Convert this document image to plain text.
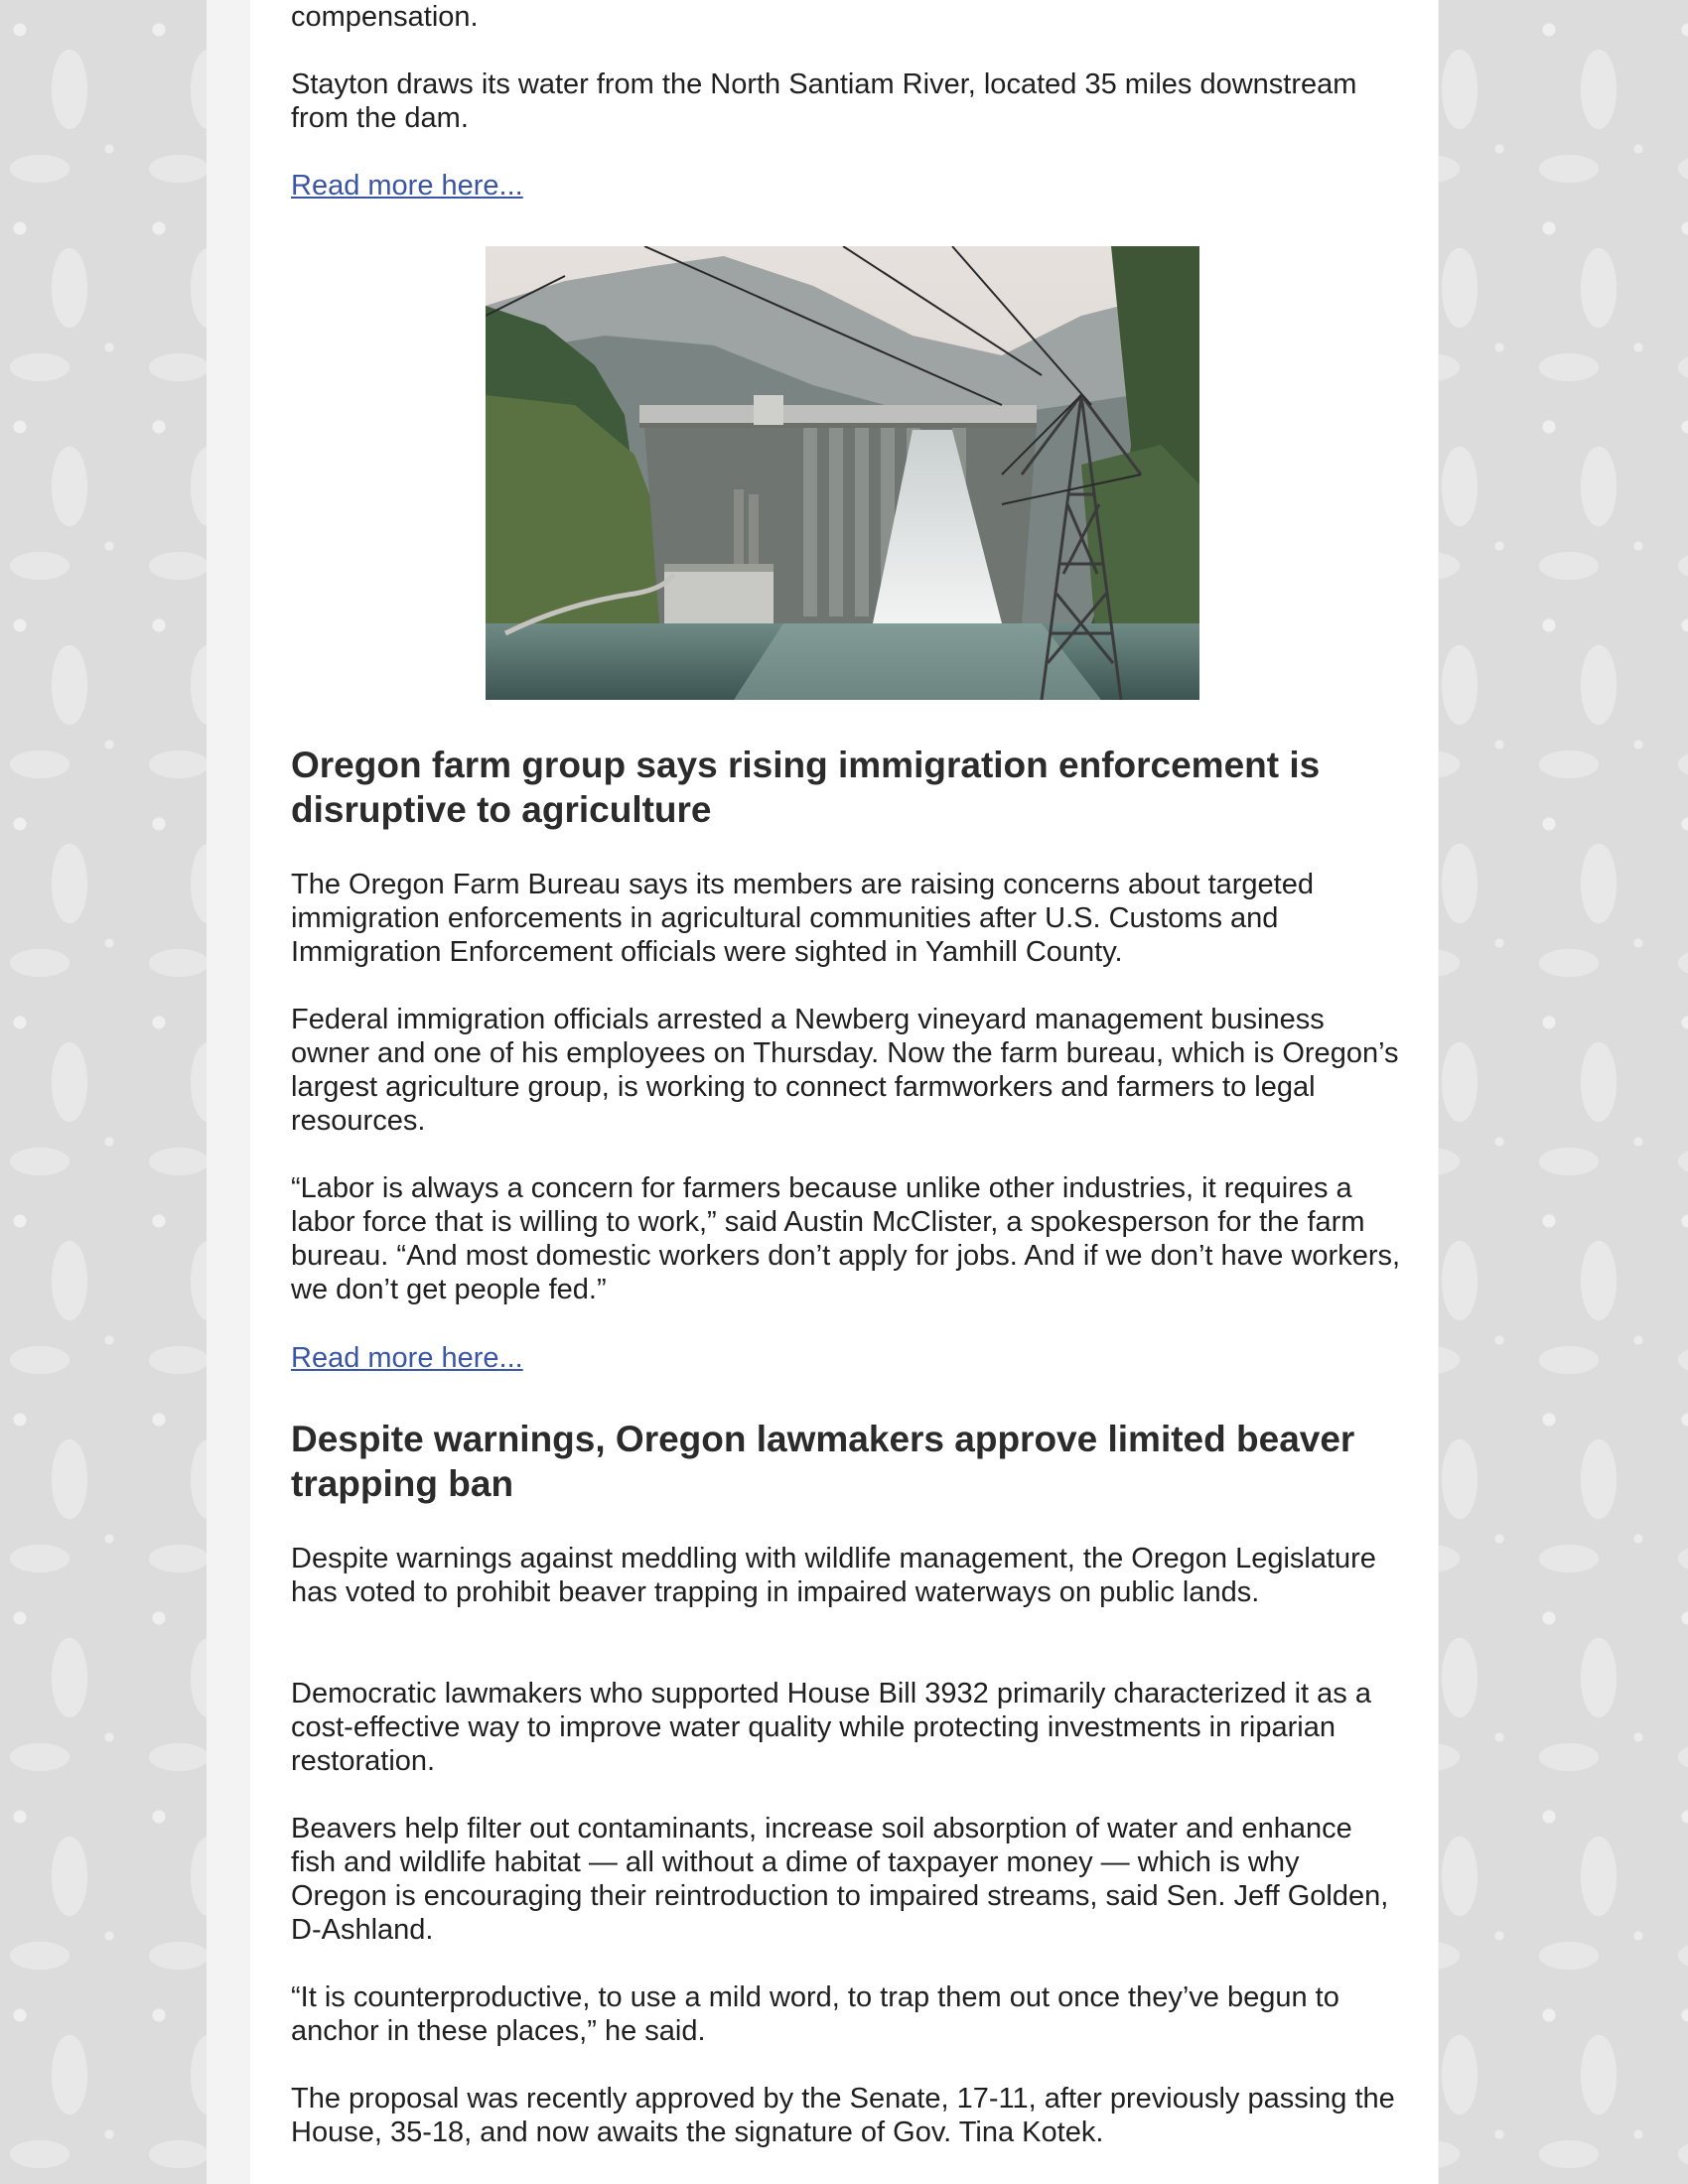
compensation.

Stayton draws its water from the North Santiam River, located 35 miles downstream from the dam.

Read more here...
Oregon farm group says rising immigration enforcement is disruptive to agriculture

The Oregon Farm Bureau says its members are raising concerns about targeted immigration enforcements in agricultural communities after U.S. Customs and Immigration Enforcement officials were sighted in Yamhill County.

Federal immigration officials arrested a Newberg vineyard management business owner and one of his employees on Thursday. Now the farm bureau, which is Oregon’s largest agriculture group, is working to connect farmworkers and farmers to legal resources.

“Labor is always a concern for farmers because unlike other industries, it requires a labor force that is willing to work,” said Austin McClister, a spokesperson for the farm bureau. “And most domestic workers don’t apply for jobs. And if we don’t have workers, we don’t get people fed.”

Read more here...
Despite warnings, Oregon lawmakers approve limited beaver trapping ban

Despite warnings against meddling with wildlife management, the Oregon Legislature has voted to prohibit beaver trapping in impaired waterways on public lands.

Democratic lawmakers who supported House Bill 3932 primarily characterized it as a cost-effective way to improve water quality while protecting investments in riparian restoration.

Beavers help filter out contaminants, increase soil absorption of water and enhance fish and wildlife habitat — all without a dime of taxpayer money — which is why Oregon is encouraging their reintroduction to impaired streams, said Sen. Jeff Golden, D-Ashland.

“It is counterproductive, to use a mild word, to trap them out once they’ve begun to anchor in these places,” he said.

The proposal was recently approved by the Senate, 17-11, after previously passing the House, 35-18, and now awaits the signature of Gov. Tina Kotek.
